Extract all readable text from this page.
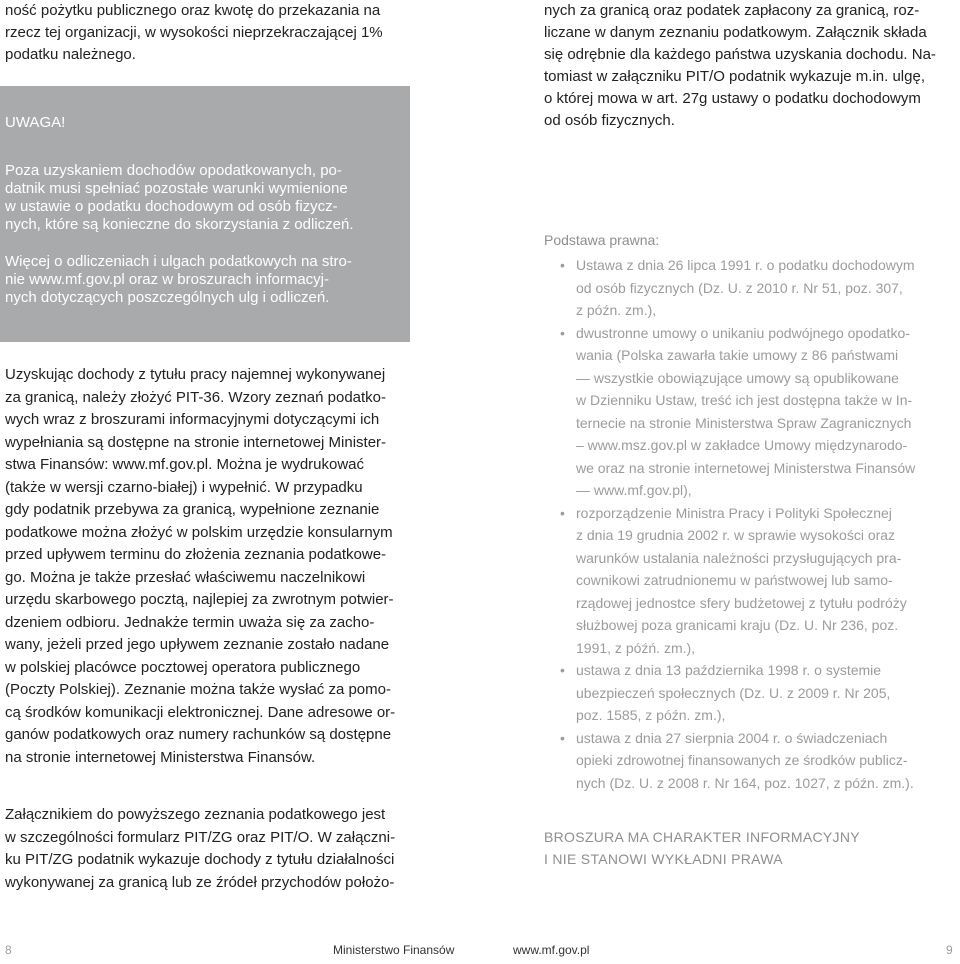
ność pożytku publicznego oraz kwotę do przekazania na
rzecz tej organizacji, w wysokości nieprzekraczającej 1%
podatku należnego.
UWAGA!
Poza uzyskaniem dochodów opodatkowanych, po-
datnik musi spełniać pozostałe warunki wymienione
w ustawie o podatku dochodowym od osób fizycz-
nych, które są konieczne do skorzystania z odliczeń.
Więcej o odliczeniach i ulgach podatkowych na stro-
nie www.mf.gov.pl oraz w broszurach informacyj-
nych dotyczących poszczególnych ulg i odliczeń.
Uzyskując dochody z tytułu pracy najemnej wykonywanej
za granicą, należy złożyć PIT-36. Wzory zeznań podatko-
wych wraz z broszurami informacyjnymi dotyczącymi ich
wypełniania są dostępne na stronie internetowej Minister-
stwa Finansów: www.mf.gov.pl. Można je wydrukować
(także w wersji czarno-białej) i wypełnić. W przypadku
gdy podatnik przebywa za granicą, wypełnione zeznanie
podatkowe można złożyć w polskim urzędzie konsularnym
przed upływem terminu do złożenia zeznania podatkowe-
go. Można je także przesłać właściwemu naczelnikowi
urzędu skarbowego pocztą, najlepiej za zwrotnym potwier-
dzeniem odbioru. Jednakże termin uważa się za zacho-
wany, jeżeli przed jego upływem zeznanie zostało nadane
w polskiej placówce pocztowej operatora publicznego
(Poczty Polskiej). Zeznanie można także wysłać za pomo-
cą środków komunikacji elektronicznej. Dane adresowe or-
ganów podatkowych oraz numery rachunków są dostępne
na stronie internetowej Ministerstwa Finansów.
Załącznikiem do powyższego zeznania podatkowego jest
w szczególności formularz PIT/ZG oraz PIT/O. W załączni-
ku PIT/ZG podatnik wykazuje dochody z tytułu działalności
wykonywanej za granicą lub ze źródeł przychodów położo-
nych za granicą oraz podatek zapłacony za granicą, roz-
liczane w danym zeznaniu podatkowym. Załącznik składa
się odrębnie dla każdego państwa uzyskania dochodu. Na-
tomiast w załączniku PIT/O podatnik wykazuje m.in. ulgę,
o której mowa w art. 27g ustawy o podatku dochodowym
od osób fizycznych.
Podstawa prawna:
• Ustawa z dnia 26 lipca 1991 r. o podatku dochodowym
od osób fizycznych (Dz. U. z 2010 r. Nr 51, poz. 307,
z późn. zm.),
• dwustronne umowy o unikaniu podwójnego opodatko-
wania (Polska zawarła takie umowy z 86 państwami
— wszystkie obowiązujące umowy są opublikowane
w Dzienniku Ustaw, treść ich jest dostępna także w In-
ternecie na stronie Ministerstwa Spraw Zagranicznych
– www.msz.gov.pl w zakładce Umowy międzynarodo-
we oraz na stronie internetowej Ministerstwa Finansów
— www.mf.gov.pl),
• rozporządzenie Ministra Pracy i Polityki Społecznej
z dnia 19 grudnia 2002 r. w sprawie wysokości oraz
warunków ustalania należności przysługujących pra-
cownikowi zatrudnionemu w państwowej lub samo-
rządowej jednostce sfery budżetowej z tytułu podróży
służbowej poza granicami kraju (Dz. U. Nr 236, poz.
1991, z późń. zm.),
• ustawa z dnia 13 października 1998 r. o systemie
ubezpieczeń społecznych (Dz. U. z 2009 r. Nr 205,
poz. 1585, z późn. zm.),
• ustawa z dnia 27 sierpnia 2004 r. o świadczeniach
opieki zdrowotnej finansowanych ze środków publicz-
nych (Dz. U. z 2008 r. Nr 164, poz. 1027, z późn. zm.).
BROSZURA MA CHARAKTER INFORMACYJNY
I NIE STANOWI WYKŁADNI PRAWA
8	Ministerstwo Finansów	www.mf.gov.pl	9
